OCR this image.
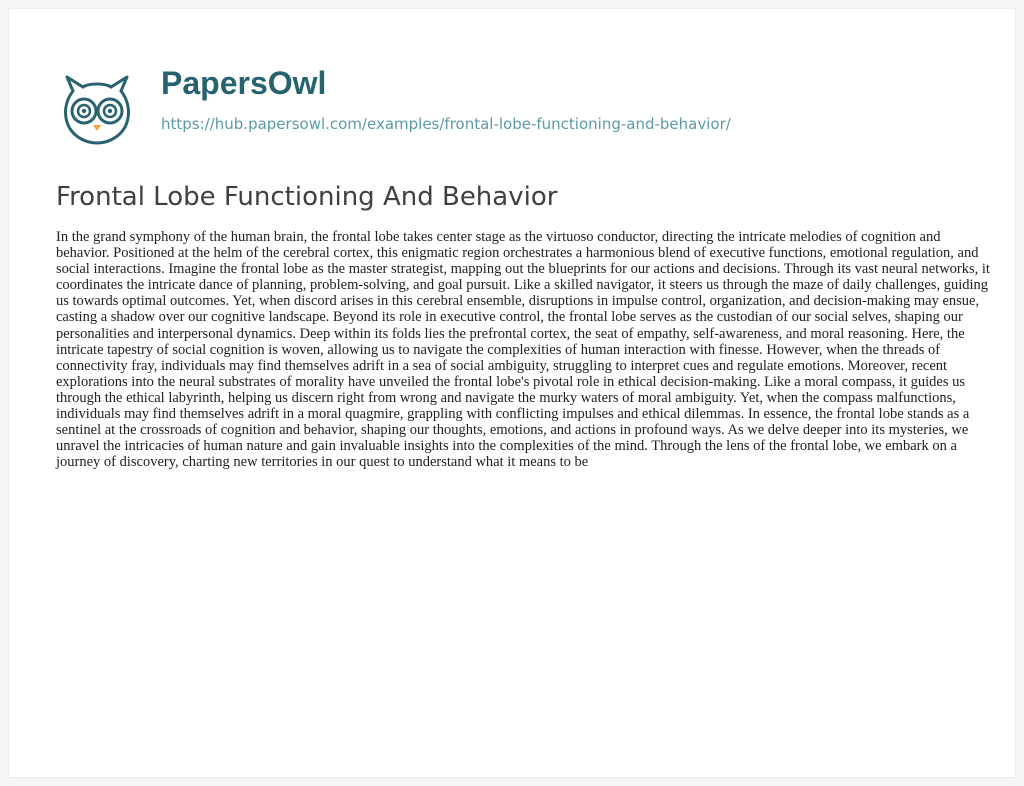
PapersOwl
https://hub.papersowl.com/examples/frontal-lobe-functioning-and-behavior/
Frontal Lobe Functioning And Behavior

In the grand symphony of the human brain, the frontal lobe takes center stage as the virtuoso conductor, directing the intricate melodies of cognition and behavior. Positioned at the helm of the cerebral cortex, this enigmatic region orchestrates a harmonious blend of executive functions, emotional regulation, and social interactions. Imagine the frontal lobe as the master strategist, mapping out the blueprints for our actions and decisions. Through its vast neural networks, it coordinates the intricate dance of planning, problem-solving, and goal pursuit. Like a skilled navigator, it steers us through the maze of daily challenges, guiding us towards optimal outcomes. Yet, when discord arises in this cerebral ensemble, disruptions in impulse control, organization, and decision-making may ensue, casting a shadow over our cognitive landscape. Beyond its role in executive control, the frontal lobe serves as the custodian of our social selves, shaping our personalities and interpersonal dynamics. Deep within its folds lies the prefrontal cortex, the seat of empathy, self-awareness, and moral reasoning. Here, the intricate tapestry of social cognition is woven, allowing us to navigate the complexities of human interaction with finesse. However, when the threads of connectivity fray, individuals may find themselves adrift in a sea of social ambiguity, struggling to interpret cues and regulate emotions. Moreover, recent explorations into the neural substrates of morality have unveiled the frontal lobe's pivotal role in ethical decision-making. Like a moral compass, it guides us through the ethical labyrinth, helping us discern right from wrong and navigate the murky waters of moral ambiguity. Yet, when the compass malfunctions, individuals may find themselves adrift in a moral quagmire, grappling with conflicting impulses and ethical dilemmas. In essence, the frontal lobe stands as a sentinel at the crossroads of cognition and behavior, shaping our thoughts, emotions, and actions in profound ways. As we delve deeper into its mysteries, we unravel the intricacies of human nature and gain invaluable insights into the complexities of the mind. Through the lens of the frontal lobe, we embark on a journey of discovery, charting new territories in our quest to understand what it means to be
